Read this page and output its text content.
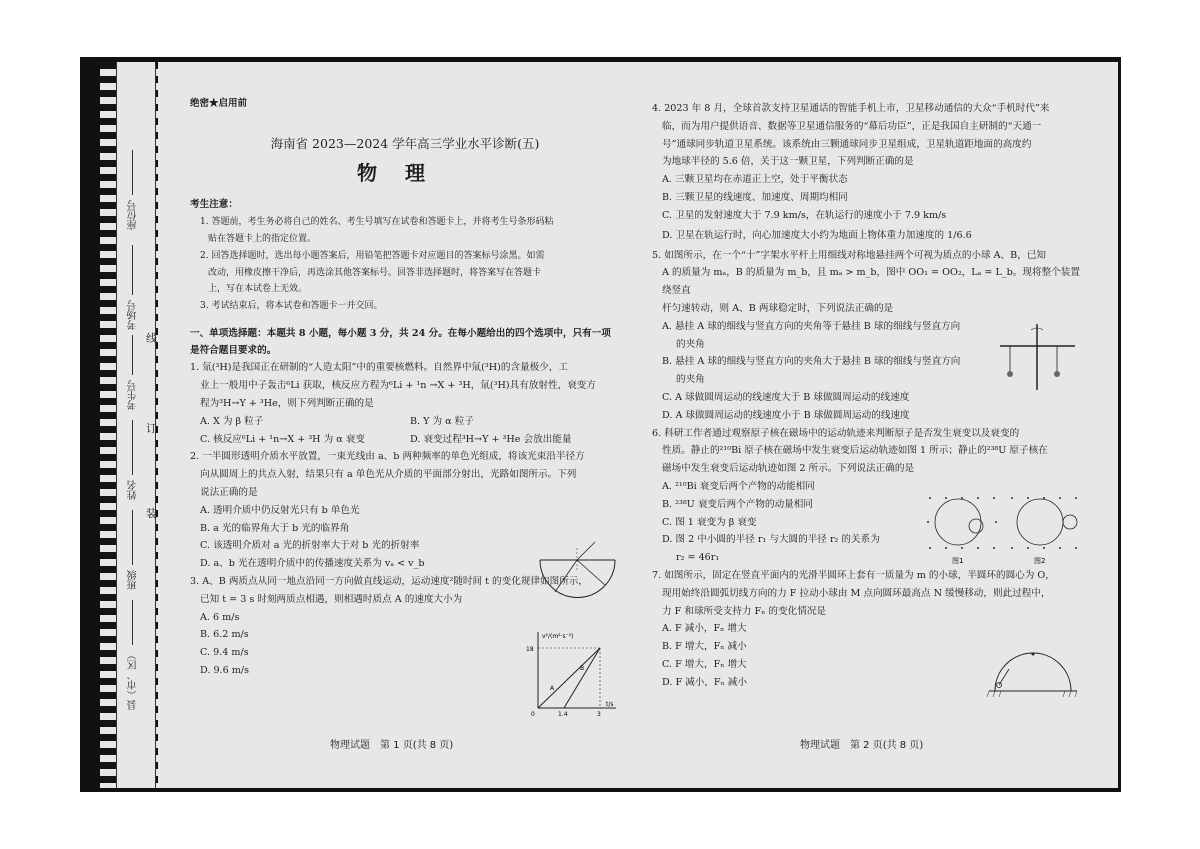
座位号
考场号
考生号
姓名
班级
县（市、区）
线
订
装
绝密★启用前
海南省 2023—2024 学年高三学业水平诊断(五)
物理
考生注意：
1. 答题前，考生务必将自己的姓名、考生号填写在试卷和答题卡上，并将考生号条形码粘
贴在答题卡上的指定位置。
2. 回答选择题时，选出每小题答案后，用铅笔把答题卡对应题目的答案标号涂黑。如需
改动，用橡皮擦干净后，再选涂其他答案标号。回答非选择题时，将答案写在答题卡
上，写在本试卷上无效。
3. 考试结束后，将本试卷和答题卡一并交回。
一、单项选择题：本题共 8 小题，每小题 3 分，共 24 分。在每小题给出的四个选项中，只有一项是符合题目要求的。
1. 氚(³H)是我国正在研制的“人造太阳”中的重要核燃料。自然界中氚(³H)的含量极少，工
业上一般用中子轰击⁶Li 获取，核反应方程为⁶Li + ¹n →X + ³H，氚(³H)具有放射性，衰变方
程为³H→Y + ³He，则下列判断正确的是
A. X 为 β 粒子	B. Y 为 α 粒子
C. 核反应⁶Li + ¹n→X + ³H 为 α 衰变	D. 衰变过程³H→Y + ³He 会放出能量
2. 一半圆形透明介质水平放置，一束光线由 a、b 两种频率的单色光组成，将该光束沿半径方
向从圆周上的共点入射，结果只有 a 单色光从介质的平面部分射出，光路如图所示。下列
说法正确的是
A. 透明介质中仍反射光只有 b 单色光
B. a 光的临界角大于 b 光的临界角
C. 该透明介质对 a 光的折射率大于对 b 光的折射率
D. a、b 光在透明介质中的传播速度关系为 vₐ < v_b
3. A、B 两质点从同一地点沿同一方向做直线运动，运动速度²随时间 t 的变化规律如图所示，
已知 t = 3 s 时刻两质点相遇，则相遇时质点 A 的速度大小为
A. 6 m/s
B. 6.2 m/s
C. 9.4 m/s
D. 9.6 m/s
v²/(m²·s⁻²)
18
0	1.4	3
t/s
A
B
物理试题　第 1 页(共 8 页)
4. 2023 年 8 月，全球首款支持卫星通话的智能手机上市，卫星移动通信的大众“手机时代”来
临，而为用户提供语音、数据等卫星通信服务的“幕后功臣”，正是我国自主研制的“天通一
号”通球同步轨道卫星系统。该系统由三颗通球同步卫星组成，卫星轨道距地面的高度约
为地球半径的 5.6 倍，关于这一颗卫星，下列判断正确的是
A. 三颗卫星均在赤道正上空，处于平衡状态
B. 三颗卫星的线速度、加速度、周期均相同
C. 卫星的发射速度大于 7.9 km/s，在轨运行的速度小于 7.9 km/s
D. 卫星在轨运行时，向心加速度大小约为地面上物体重力加速度的 1/6.6
5. 如图所示，在一个“十”字架水平杆上用细线对称地悬挂两个可视为质点的小球 A、B，已知
A 的质量为 mₐ，B 的质量为 m_b，且 mₐ > m_b，图中 OO₁ = OO₂，Lₐ = L_b。现将整个装置绕竖直
杆匀速转动，则 A、B 两球稳定时，下列说法正确的是
A. 悬挂 A 球的细线与竖直方向的夹角等于悬挂 B 球的细线与竖直方向
的夹角
B. 悬挂 A 球的细线与竖直方向的夹角大于悬挂 B 球的细线与竖直方向
的夹角
C. A 球做圆周运动的线速度大于 B 球做圆周运动的线速度
D. A 球做圆周运动的线速度小于 B 球做圆周运动的线速度
6. 科研工作者通过观察原子核在磁场中的运动轨迹来判断原子是否发生衰变以及衰变的
性质。静止的²¹⁰Bi 原子核在磁场中发生衰变后运动轨迹如图 1 所示；静止的²³⁸U 原子核在
磁场中发生衰变后运动轨迹如图 2 所示。下列说法正确的是
A. ²¹⁰Bi 衰变后两个产物的动能相同
B. ²³⁸U 衰变后两个产物的动量相同
C. 图 1 衰变为 β 衰变
D. 图 2 中小圆的半径 r₁ 与大圆的半径 r₂ 的关系为
r₂ = 46r₁
7. 如图所示，固定在竖直平面内的光滑半圆环上套有一质量为 m 的小球，半圆环的圆心为 O，
现用始终沿圆弧切线方向的力 F 拉动小球由 M 点向圆环最高点 N 缓慢移动，则此过程中，
力 F 和球所受支持力 Fₙ 的变化情况是
A. F 减小，Fₙ 增大
B. F 增大，Fₙ 减小
C. F 增大，Fₙ 增大
D. F 减小，Fₙ 减小
图1	图2
物理试题　第 2 页(共 8 页)
